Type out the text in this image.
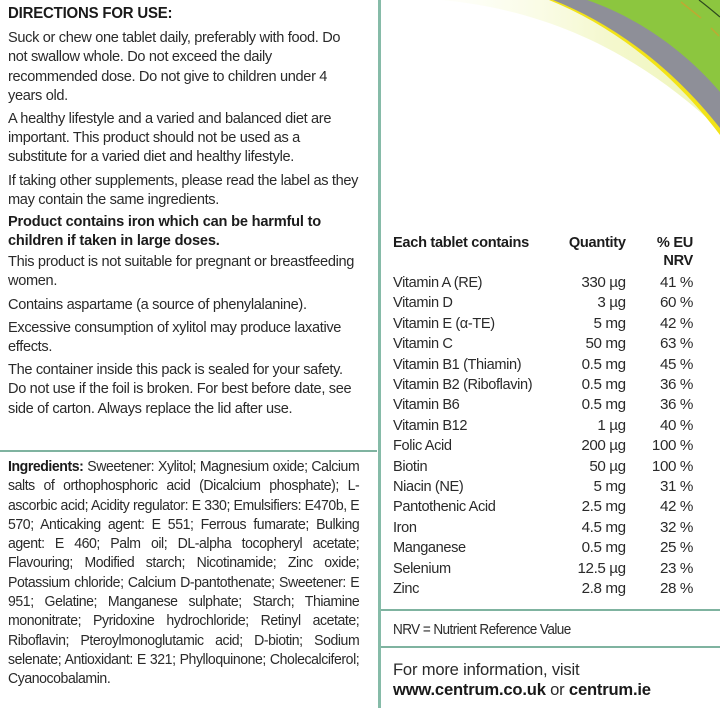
DIRECTIONS FOR USE:

Suck or chew one tablet daily, preferably with food. Do not swallow whole. Do not exceed the daily recommended dose. Do not give to children under 4 years old.

A healthy lifestyle and a varied and balanced diet are important. This product should not be used as a substitute for a varied diet and healthy lifestyle.

If taking other supplements, please read the label as they may contain the same ingredients.

Product contains iron which can be harmful to children if taken in large doses.

This product is not suitable for pregnant or breastfeeding women.

Contains aspartame (a source of phenylalanine).

Excessive consumption of xylitol may produce laxative effects.

The container inside this pack is sealed for your safety. Do not use if the foil is broken. For best before date, see side of carton. Always replace the lid after use.

Ingredients: Sweetener: Xylitol; Magnesium oxide; Calcium salts of orthophosphoric acid (Dicalcium phosphate); L-ascorbic acid; Acidity regulator: E 330; Emulsifiers: E470b, E 570; Anticaking agent: E 551; Ferrous fumarate; Bulking agent: E 460; Palm oil; DL-alpha tocopheryl acetate; Flavouring; Modified starch; Nicotinamide; Zinc oxide; Potassium chloride; Calcium D-pantothenate; Sweetener: E 951; Gelatine; Manganese sulphate; Starch; Thiamine mononitrate; Pyridoxine hydrochloride; Retinyl acetate; Riboflavin; Pteroylmonoglutamic acid; D-biotin; Sodium selenate; Antioxidant: E 321; Phylloquinone; Cholecalciferol; Cyanocobalamin.
Each tablet contains	Quantity	% EU
NRV
Vitamin A (RE)	330 µg	41 %
Vitamin D	3 µg	60 %
Vitamin E (α-TE)	5 mg	42 %
Vitamin C	50 mg	63 %
Vitamin B1 (Thiamin)	0.5 mg	45 %
Vitamin B2 (Riboflavin)	0.5 mg	36 %
Vitamin B6	0.5 mg	36 %
Vitamin B12	1 µg	40 %
Folic Acid	200 µg	100 %
Biotin	50 µg	100 %
Niacin (NE)	5 mg	31 %
Pantothenic Acid	2.5 mg	42 %
Iron	4.5 mg	32 %
Manganese	0.5 mg	25 %
Selenium	12.5 µg	23 %
Zinc	2.8 mg	28 %
NRV = Nutrient Reference Value
For more information, visit
www.centrum.co.uk or centrum.ie
